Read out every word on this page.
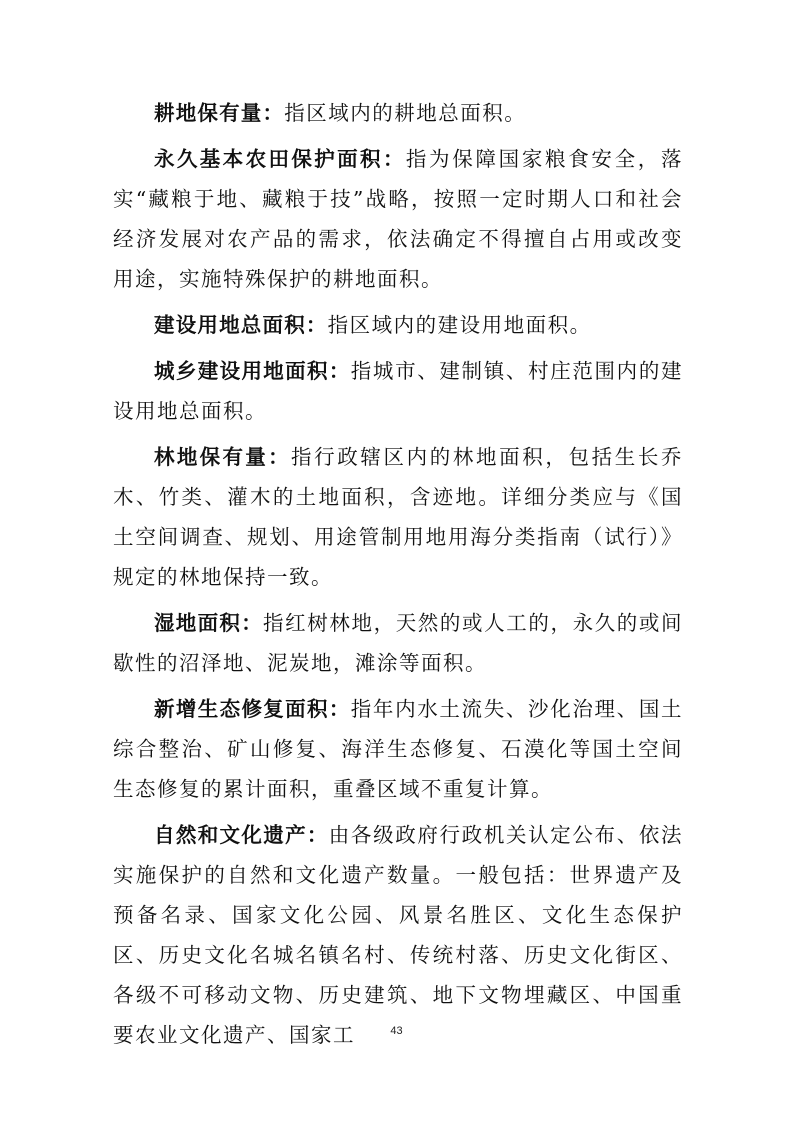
耕地保有量：指区域内的耕地总面积。

永久基本农田保护面积：指为保障国家粮食安全，落实“藏粮于地、藏粮于技”战略，按照一定时期人口和社会经济发展对农产品的需求，依法确定不得擅自占用或改变用途，实施特殊保护的耕地面积。

建设用地总面积：指区域内的建设用地面积。

城乡建设用地面积：指城市、建制镇、村庄范围内的建设用地总面积。

林地保有量：指行政辖区内的林地面积，包括生长乔木、竹类、灌木的土地面积，含迹地。详细分类应与《国土空间调查、规划、用途管制用地用海分类指南（试行）》规定的林地保持一致。

湿地面积：指红树林地，天然的或人工的，永久的或间歇性的沼泽地、泥炭地，滩涂等面积。

新增生态修复面积：指年内水土流失、沙化治理、国土综合整治、矿山修复、海洋生态修复、石漠化等国土空间生态修复的累计面积，重叠区域不重复计算。

自然和文化遗产：由各级政府行政机关认定公布、依法实施保护的自然和文化遗产数量。一般包括：世界遗产及预备名录、国家文化公园、风景名胜区、文化生态保护区、历史文化名城名镇名村、传统村落、历史文化街区、各级不可移动文物、历史建筑、地下文物埋藏区、中国重要农业文化遗产、国家工	43
